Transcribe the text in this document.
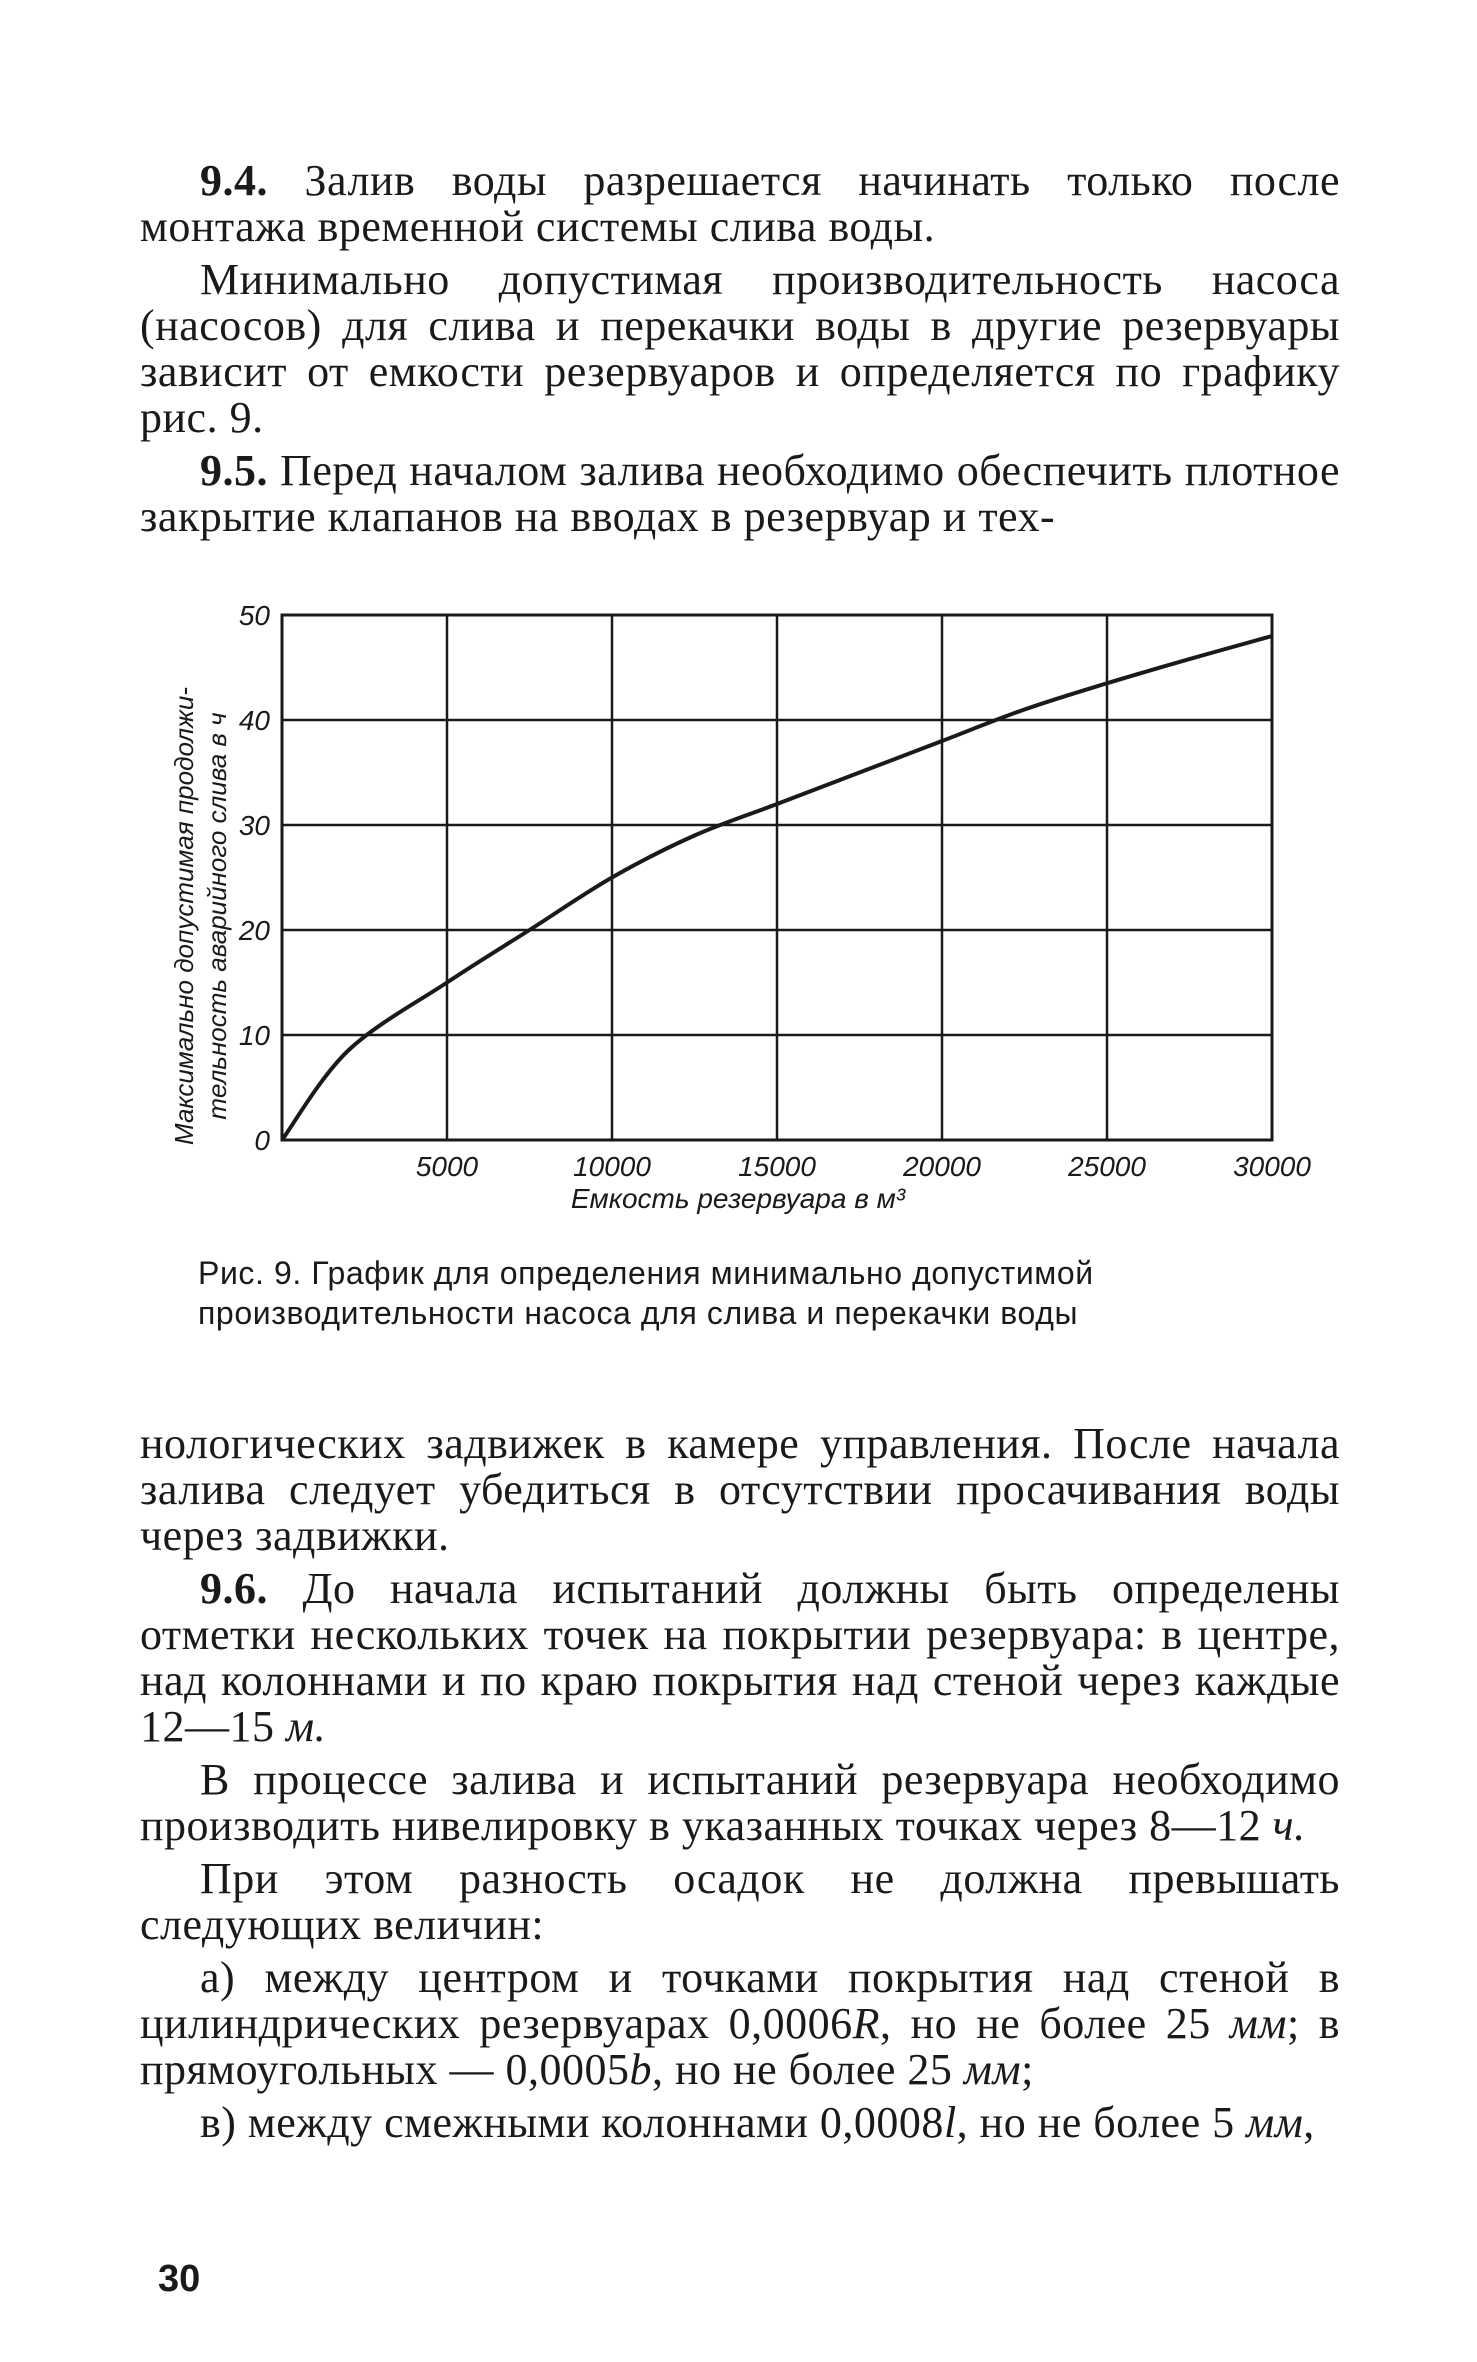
9.4. Залив воды разрешается начинать только после монтажа временной системы слива воды.

Минимально допустимая производительность насоса (насосов) для слива и перекачки воды в другие резервуары зависит от емкости резервуаров и определяется по графику рис. 9.

9.5. Перед началом залива необходимо обеспечить плотное закрытие клапанов на вводах в резервуар и тех-

0
10
20
30
40
50
5000	10000	15000	20000	25000	30000
Максимально допустимая продолжи- тельность аварийного слива в ч
Емкость резервуара в м³
Рис. 9. График для определения минимально допустимой производительности насоса для слива и перекачки воды

нологических задвижек в камере управления. После начала залива следует убедиться в отсутствии просачивания воды через задвижки.

9.6. До начала испытаний должны быть определены отметки нескольких точек на покрытии резервуара: в центре, над колоннами и по краю покрытия над стеной через каждые 12—15 м.

В процессе залива и испытаний резервуара необходимо производить нивелировку в указанных точках через 8—12 ч.

При этом разность осадок не должна превышать следующих величин:

а) между центром и точками покрытия над стеной в цилиндрических резервуарах 0,0006R, но не более 25 мм; в прямоугольных — 0,0005b, но не более 25 мм;

в) между смежными колоннами 0,0008l, но не более 5 мм,

30
